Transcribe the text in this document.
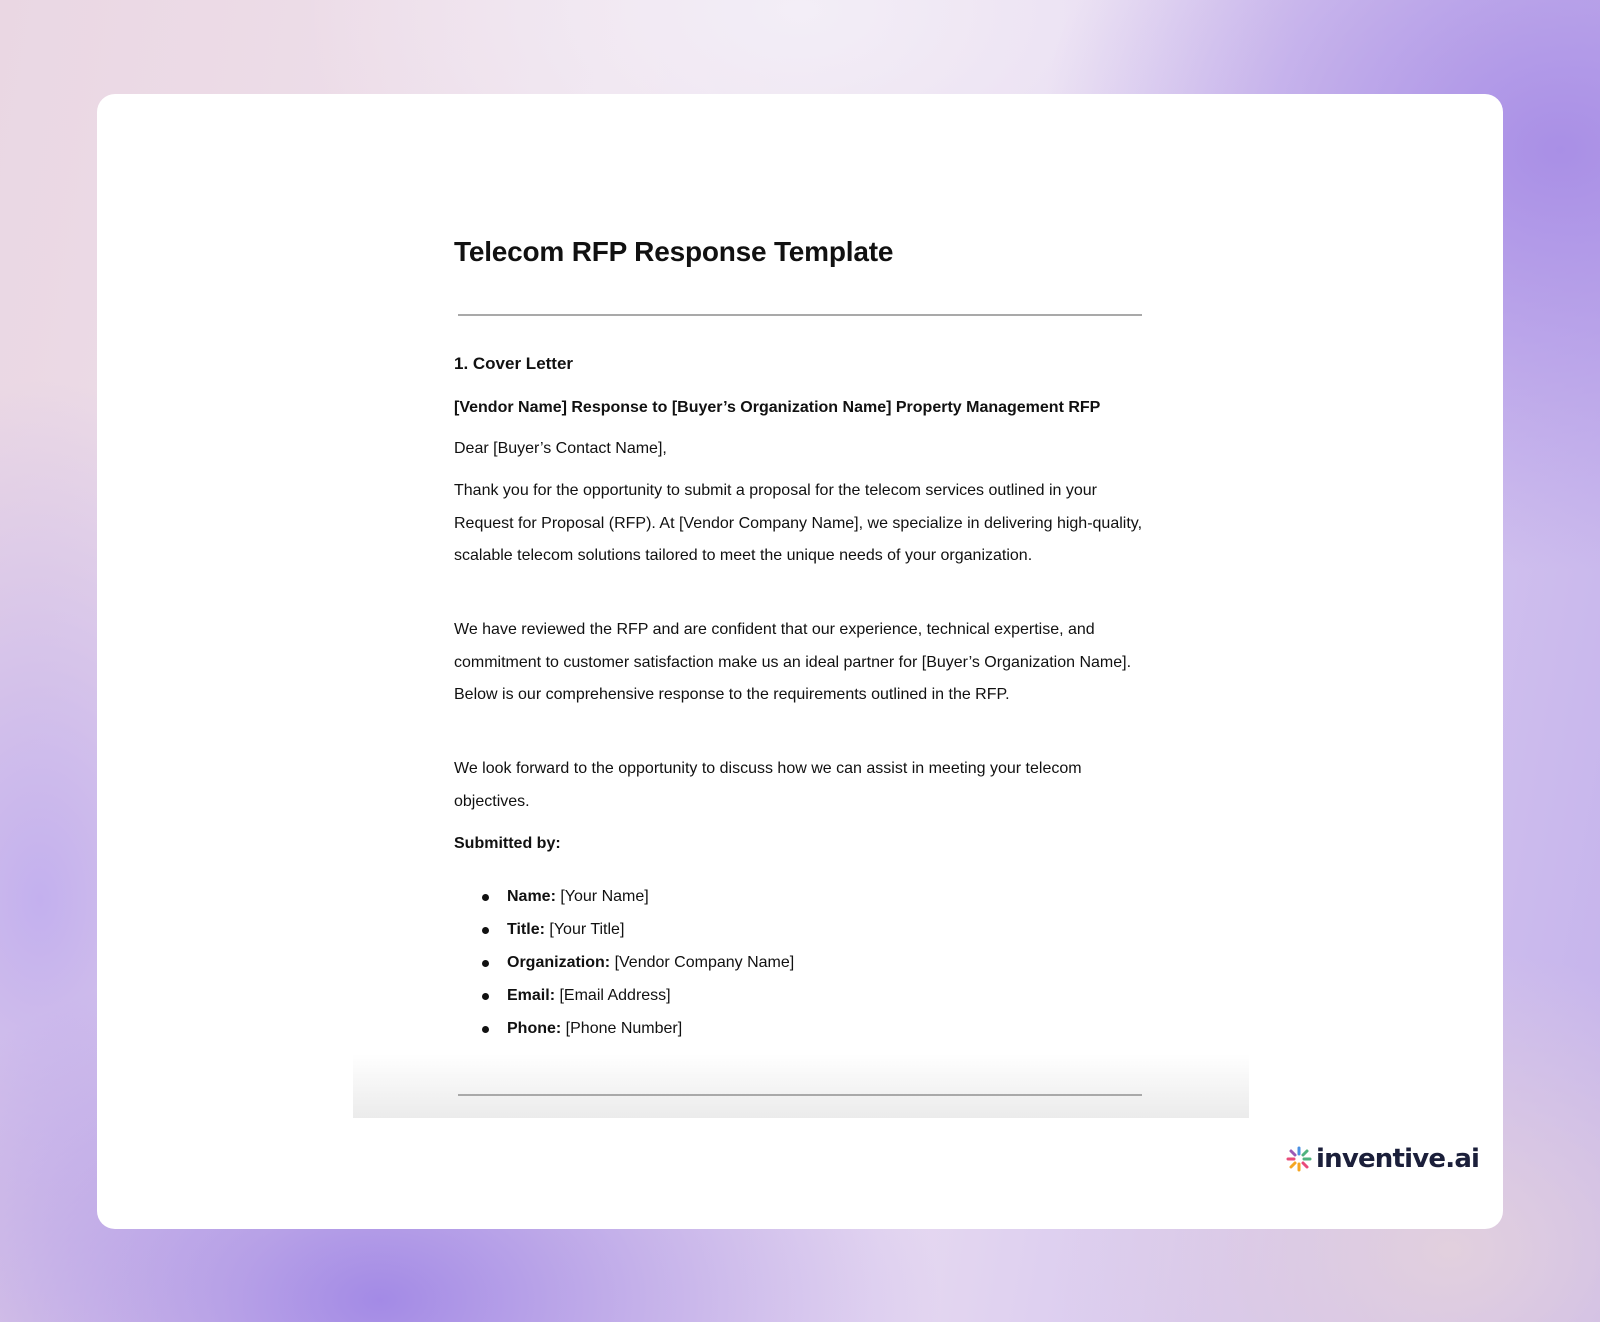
Telecom RFP Response Template
1. Cover Letter
[Vendor Name] Response to [Buyer’s Organization Name] Property Management RFP
Dear [Buyer’s Contact Name],

Thank you for the opportunity to submit a proposal for the telecom services outlined in your Request for Proposal (RFP). At [Vendor Company Name], we specialize in delivering high-quality, scalable telecom solutions tailored to meet the unique needs of your organization.

We have reviewed the RFP and are confident that our experience, technical expertise, and commitment to customer satisfaction make us an ideal partner for [Buyer’s Organization Name]. Below is our comprehensive response to the requirements outlined in the RFP.

We look forward to the opportunity to discuss how we can assist in meeting your telecom objectives.

Submitted by:
Name: [Your Name]
Title: [Your Title]
Organization: [Vendor Company Name]
Email: [Email Address]
Phone: [Phone Number]
inventive.ai
